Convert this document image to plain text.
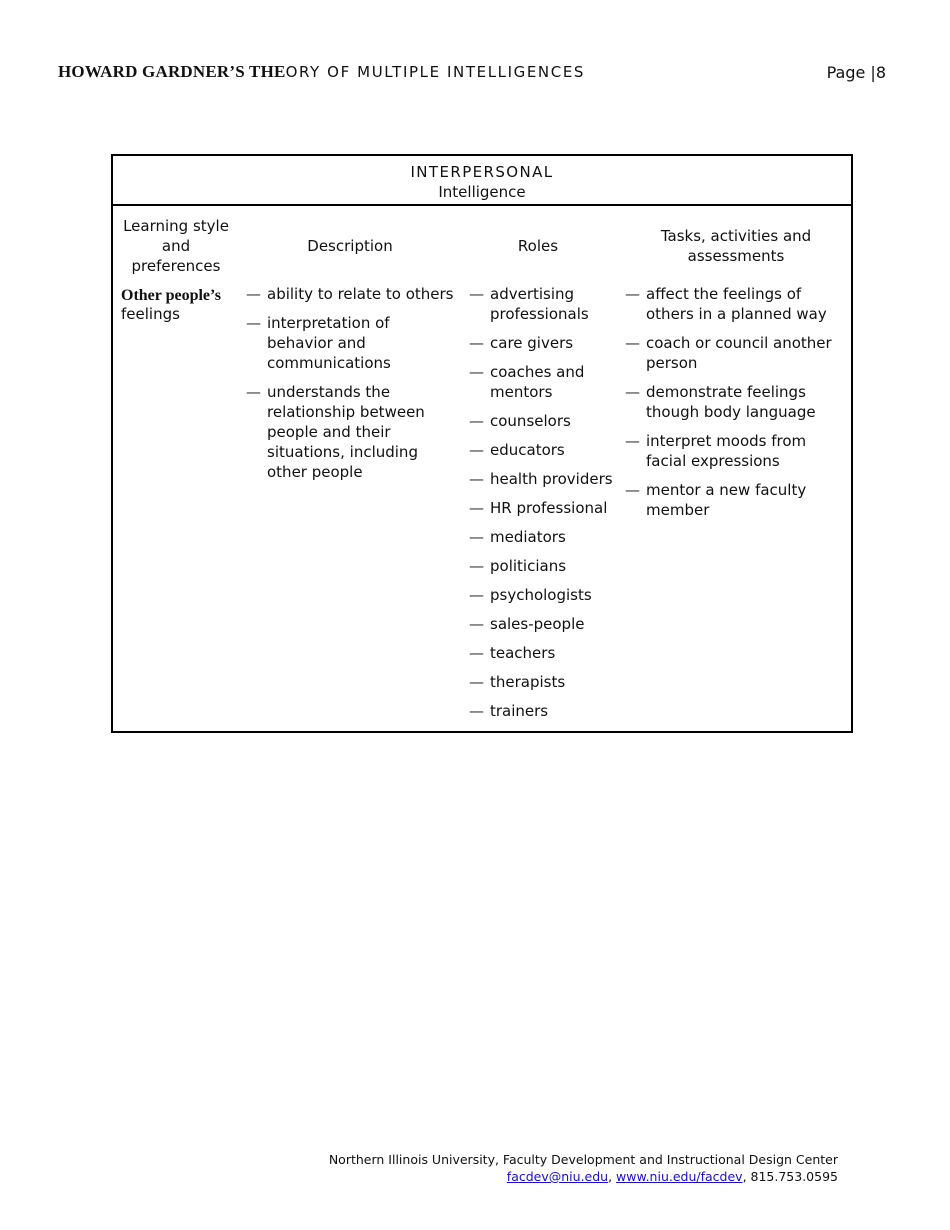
HOWARD GARDNER’S THEORY OF MULTIPLE INTELLIGENCES	Page |8
INTERPERSONAL
Intelligence
Learning style and preferences
Description	Roles
Tasks, activities and assessments
Other people’s
feelings
— ability to relate to others
— interpretation of behavior and communications
— understands the relationship between people and their situations, including other people
— advertising professionals
— care givers
— coaches and mentors
— counselors
— educators
— health providers
— HR professional
— mediators
— politicians
— psychologists
— sales-people
— teachers
— therapists
— trainers
— affect the feelings of others in a planned way
— coach or council another person
— demonstrate feelings though body language
— interpret moods from facial expressions
— mentor a new faculty member
Northern Illinois University, Faculty Development and Instructional Design Center
facdev@niu.edu, www.niu.edu/facdev, 815.753.0595
